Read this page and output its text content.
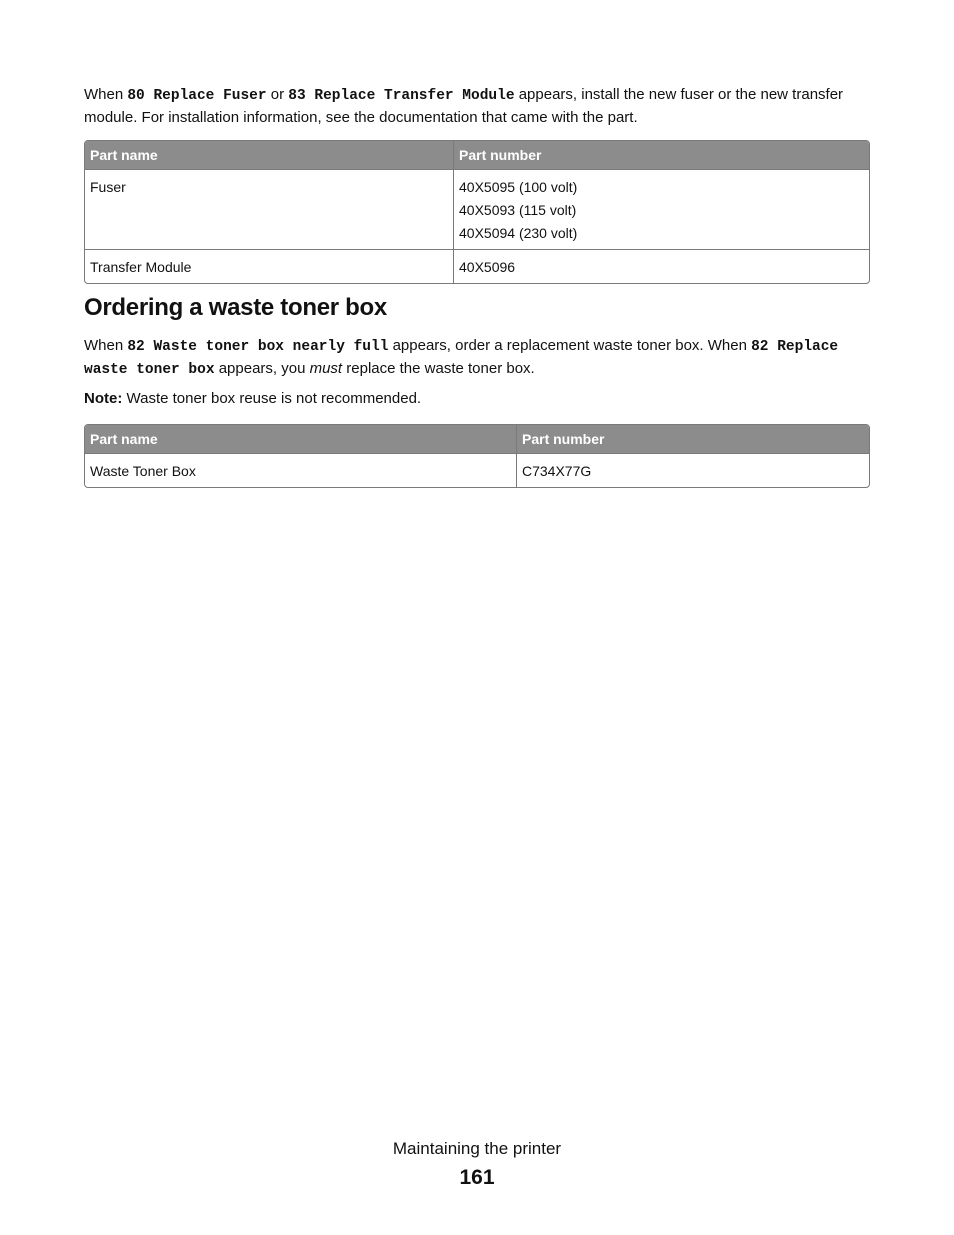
When 80 Replace Fuser or 83 Replace Transfer Module appears, install the new fuser or the new transfer module. For installation information, see the documentation that came with the part.

Part name	Part number
Fuser	40X5095 (100 volt)
40X5093 (115 volt)
40X5094 (230 volt)

Transfer Module	40X5096
Ordering a waste toner box

When 82 Waste toner box nearly full appears, order a replacement waste toner box. When 82 Replace waste toner box appears, you must replace the waste toner box.

Note: Waste toner box reuse is not recommended.

Part name	Part number
Waste Toner Box	C734X77G
Maintaining the printer
161
